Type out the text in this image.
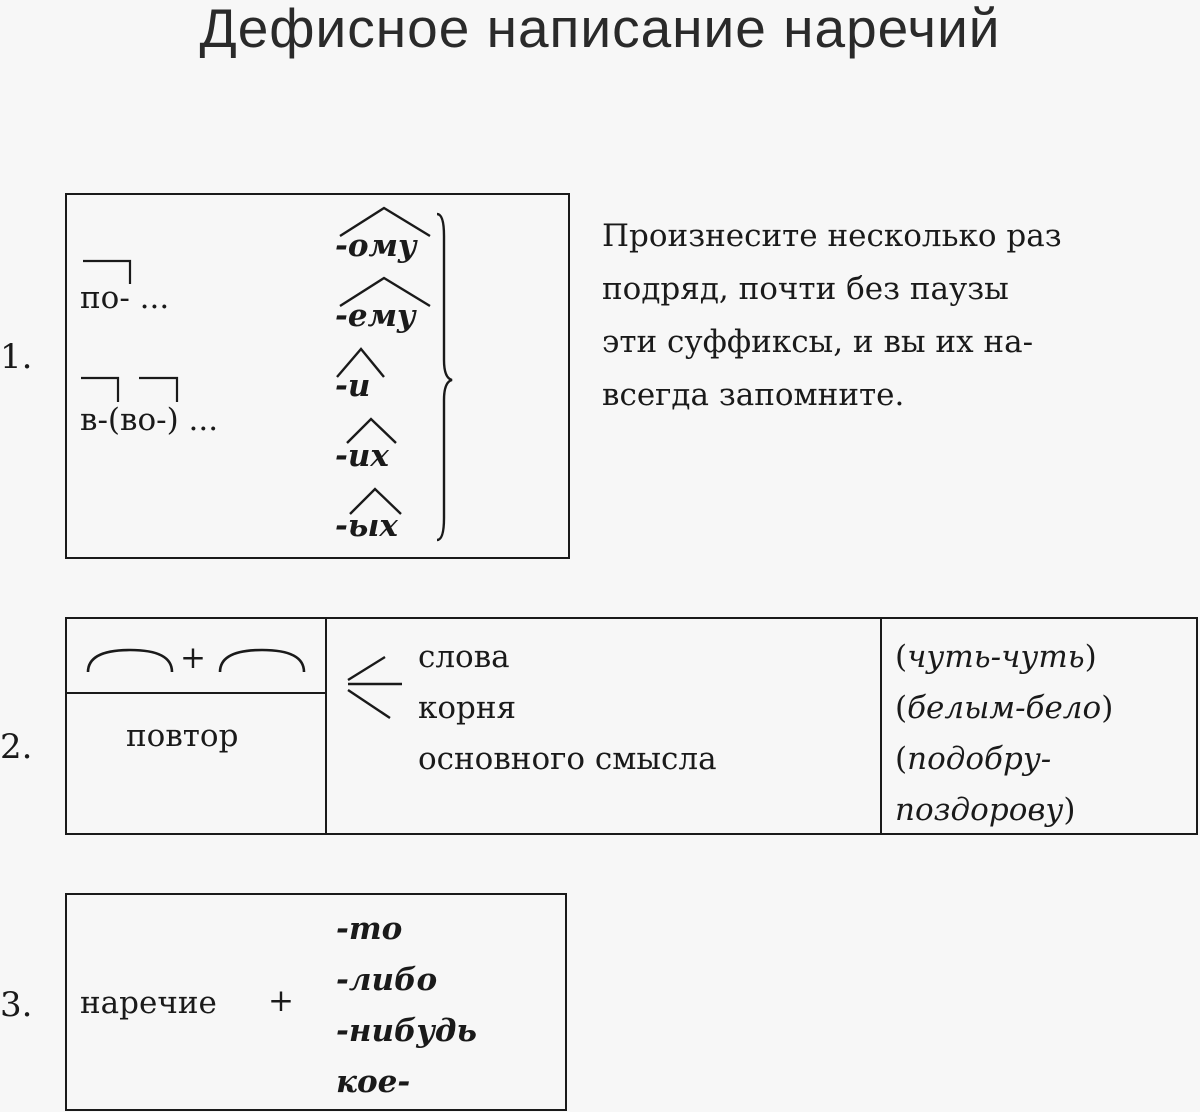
Дефисное написание наречий
1.
по- ...
в-(во-) ...
-ому
-ему
-и
-их
-ых
Произнесите несколько раз
подряд, почти без паузы
эти суффиксы, и вы их на-
всегда запомните.
2.
+
повтор
слова
корня
основного смысла
(чуть-чуть)
(белым-бело)
(подобру-
поздорову)
3. наречие +
-то
-либо
-нибудь
кое-
